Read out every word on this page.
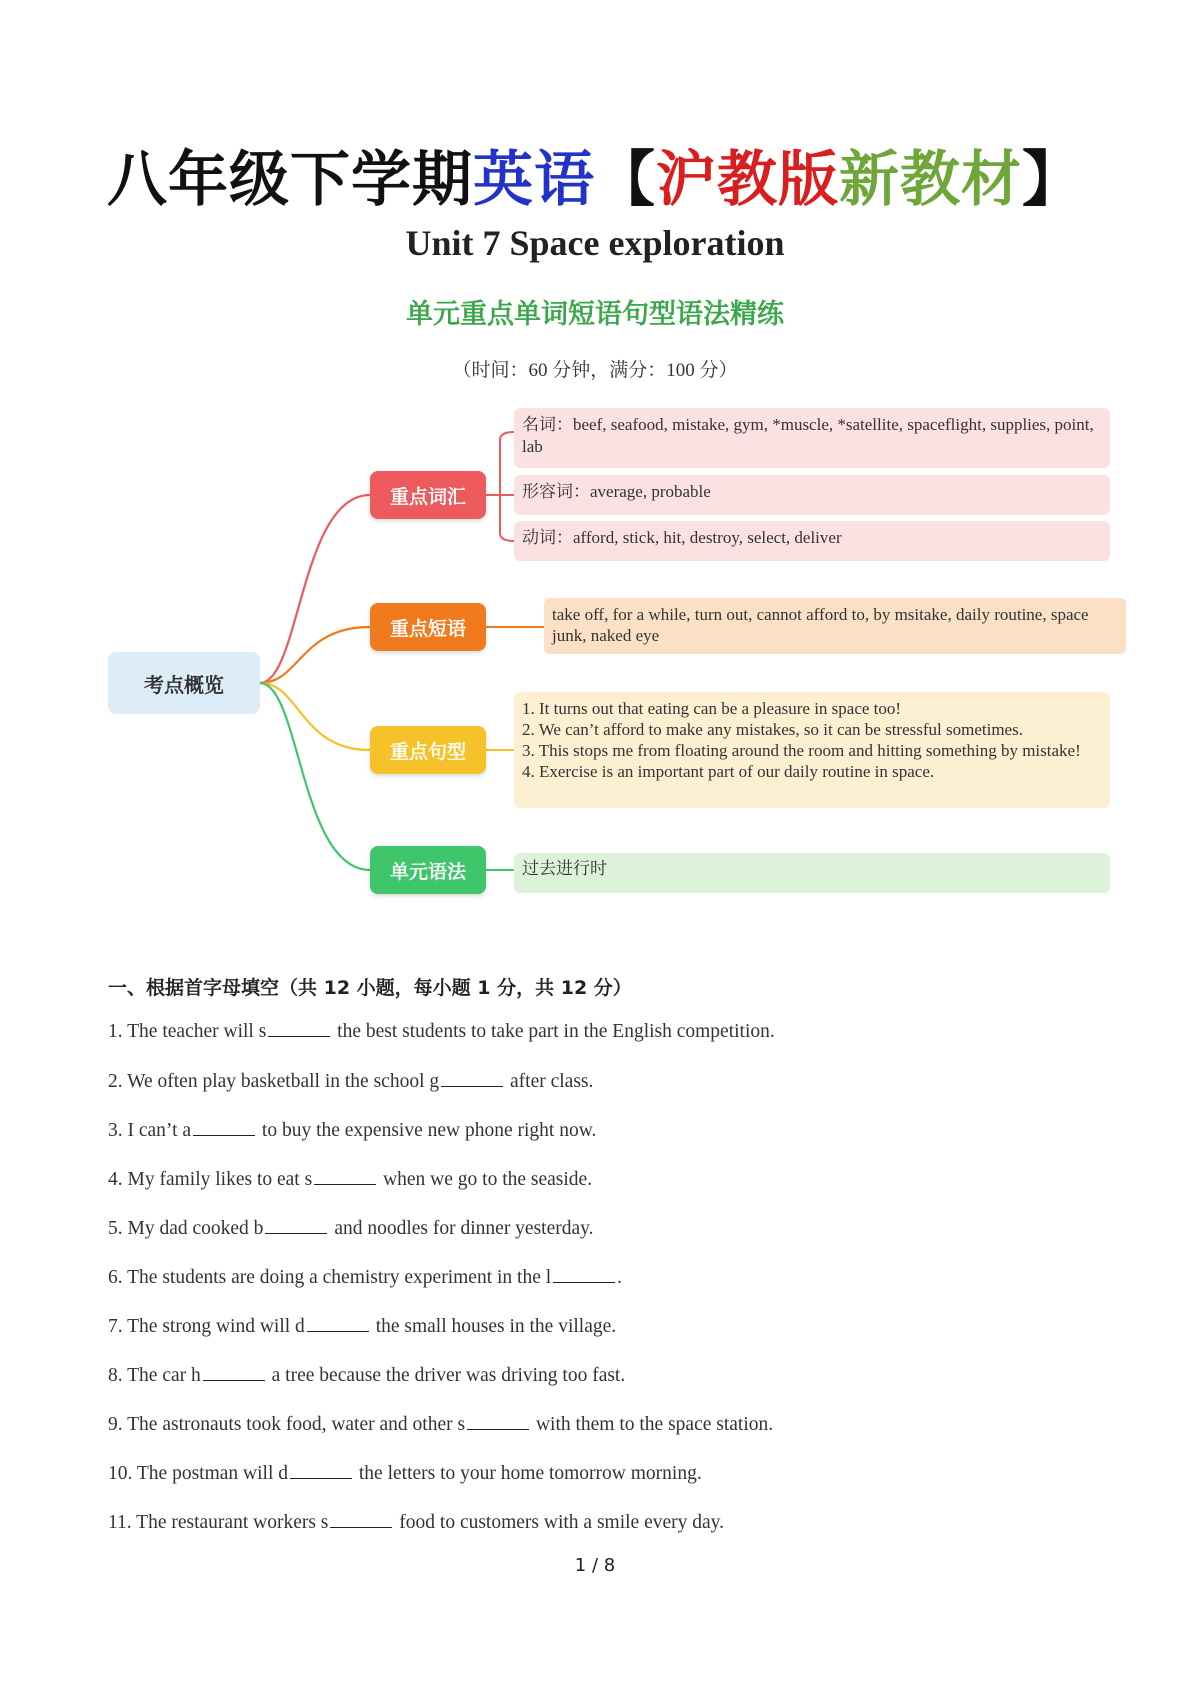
八年级下学期英语【沪教版新教材】
Unit 7 Space exploration
单元重点单词短语句型语法精练
（时间：60 分钟，满分：100 分）
考点概览
重点词汇
重点短语
重点句型
单元语法
名词：beef, seafood, mistake, gym, *muscle, *satellite, spaceflight, supplies, point, lab
形容词：average, probable
动词：afford, stick, hit, destroy, select, deliver
take off, for a while, turn out, cannot afford to, by msitake, daily routine, space junk, naked eye
1. It turns out that eating can be a pleasure in space too!
2. We can’t afford to make any mistakes, so it can be stressful sometimes.
3. This stops me from floating around the room and hitting something by mistake!
4. Exercise is an important part of our daily routine in space.
过去进行时
一、根据首字母填空（共 12 小题，每小题 1 分，共 12 分）
1. The teacher will s	the best students to take part in the English competition.
2. We often play basketball in the school g	after class.
3. I can’t a	to buy the expensive new phone right now.
4. My family likes to eat s	when we go to the seaside.
5. My dad cooked b	and noodles for dinner yesterday.
6. The students are doing a chemistry experiment in the l	.
7. The strong wind will d	the small houses in the village.
8. The car h	a tree because the driver was driving too fast.
9. The astronauts took food, water and other s	with them to the space station.
10. The postman will d	the letters to your home tomorrow morning.
11. The restaurant workers s	food to customers with a smile every day.
1 / 8
